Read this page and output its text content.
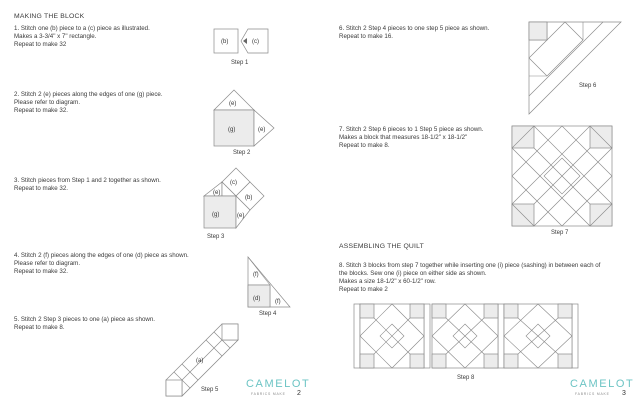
MAKING THE BLOCK
1. Stitch one (b) piece to a (c) piece as illustrated.
Makes a 3-3/4" x 7" rectangle.
Repeat to make 32	(b)	(c)
Step 1
2. Stitch 2 (e) pieces along the edges of one (g) piece.
Please refer to diagram.
Repeat to make 32.
(e)
(g)	(e)
Step 2
3. Stitch pieces from Step 1 and 2 together as shown.
Repeat to make 32.
(c)
(e)
(b)
(g)	(e)
Step 3
4. Stitch 2 (f) pieces along the edges of one (d) piece as shown.
Please refer to diagram.
Repeat to make 32.	(f)
(d) (f)
Step 4
5. Stitch 2 Step 3 pieces to one (a) piece as shown.
Repeat to make 8.
(a)
Step 5	CAMELOT
FABRICS MAKE 2
6. Stitch 2 Step 4 pieces to one step 5 piece as shown.
Repeat to make 16.
Step 6
7. Stitch 2 Step 6 pieces to 1 Step 5 piece as shown.
Makes a block that measures 18-1/2" x 18-1/2"
Repeat to make 8.
Step 7
ASSEMBLING THE QUILT
8. Stitch 3 blocks from step 7 together while inserting one (i) piece (sashing) in between each of
the blocks. Sew one (i) piece on either side as shown.
Makes a size 18-1/2" x 60-1/2" row.
Repeat to make 2
Step 8	CAMELOT
FABRICS MAKE 3
